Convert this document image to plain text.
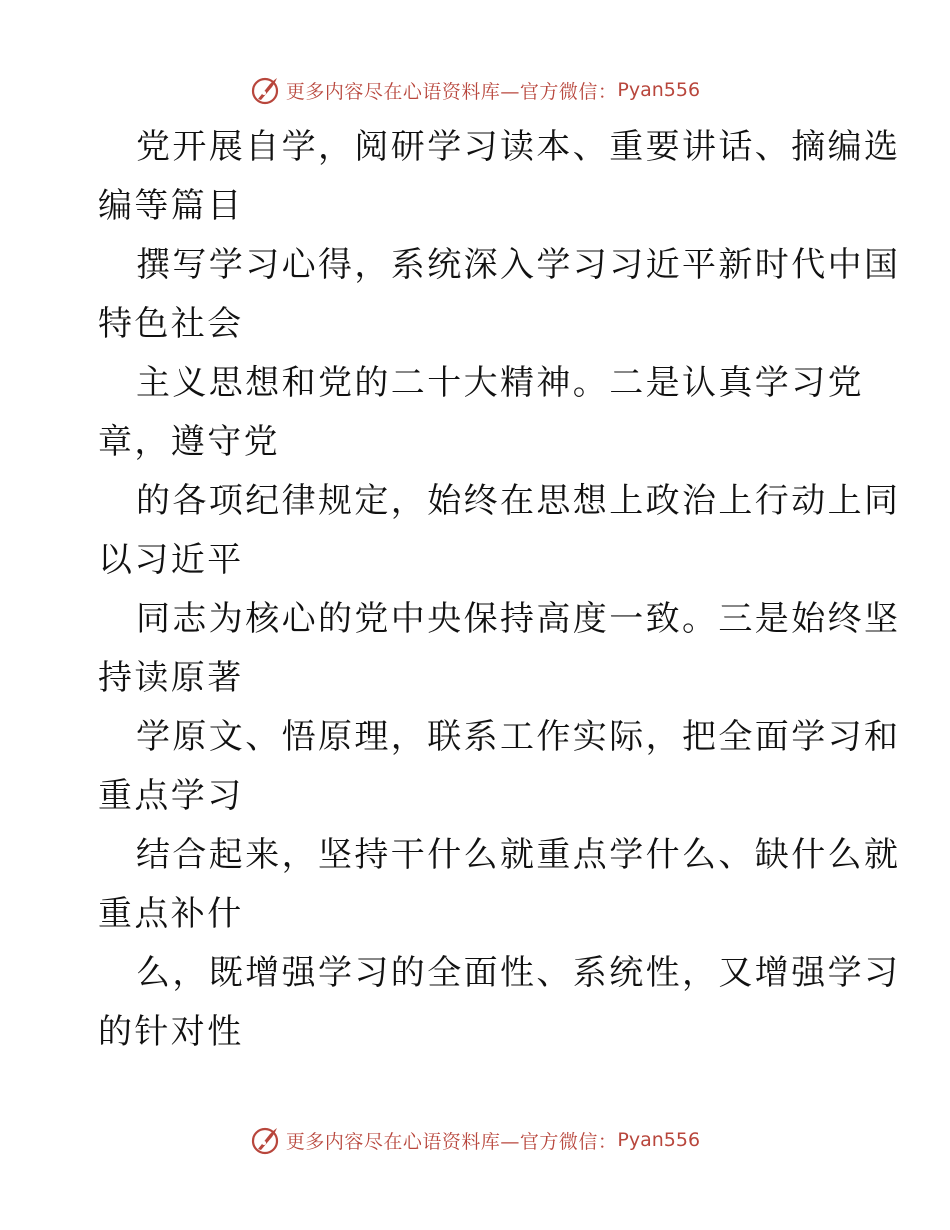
更多内容尽在心语资料库—官方微信： Pyan556
党开展自学，阅研学习读本、重要讲话、摘编选
编等篇目
撰写学习心得，系统深入学习习近平新时代中国
特色社会
主义思想和党的二十大精神。二是认真学习党
章，遵守党
的各项纪律规定，始终在思想上政治上行动上同
以习近平
同志为核心的党中央保持高度一致。三是始终坚
持读原著
学原文、悟原理，联系工作实际，把全面学习和
重点学习
结合起来，坚持干什么就重点学什么、缺什么就
重点补什
么，既增强学习的全面性、系统性，又增强学习
的针对性
更多内容尽在心语资料库—官方微信： Pyan556
